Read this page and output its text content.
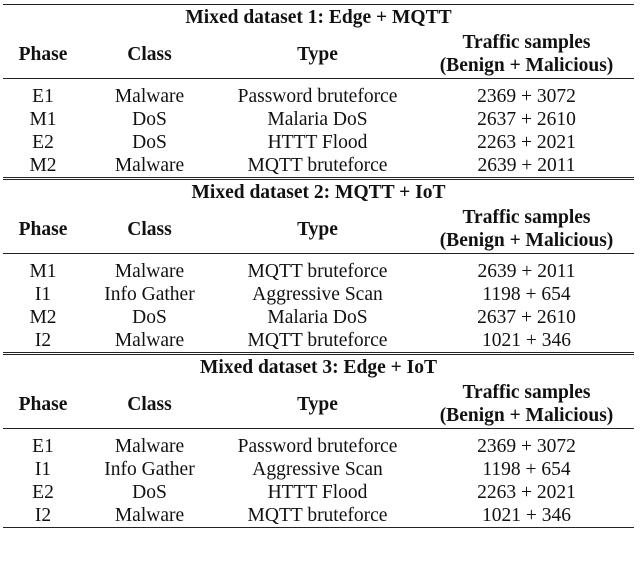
Mixed dataset 1: Edge + MQTT			
Phase	Class	Type	Traffic samples
(Benign + Malicious)

E1	Malware	Password bruteforce	2369 + 3072
M1	DoS	Malaria DoS	2637 + 2610
E2	DoS	HTTT Flood	2263 + 2021
M2	Malware	MQTT bruteforce	2639 + 2011

Mixed dataset 2: MQTT + IoT			
Phase	Class	Type	Traffic samples
(Benign + Malicious)

M1	Malware	MQTT bruteforce	2639 + 2011
I1	Info Gather	Aggressive Scan	1198 + 654
M2	DoS	Malaria DoS	2637 + 2610
I2	Malware	MQTT bruteforce	1021 + 346

Mixed dataset 3: Edge + IoT			
Phase	Class	Type	Traffic samples
(Benign + Malicious)

E1	Malware	Password bruteforce	2369 + 3072
I1	Info Gather	Aggressive Scan	1198 + 654
E2	DoS	HTTT Flood	2263 + 2021
I2	Malware	MQTT bruteforce	1021 + 346
